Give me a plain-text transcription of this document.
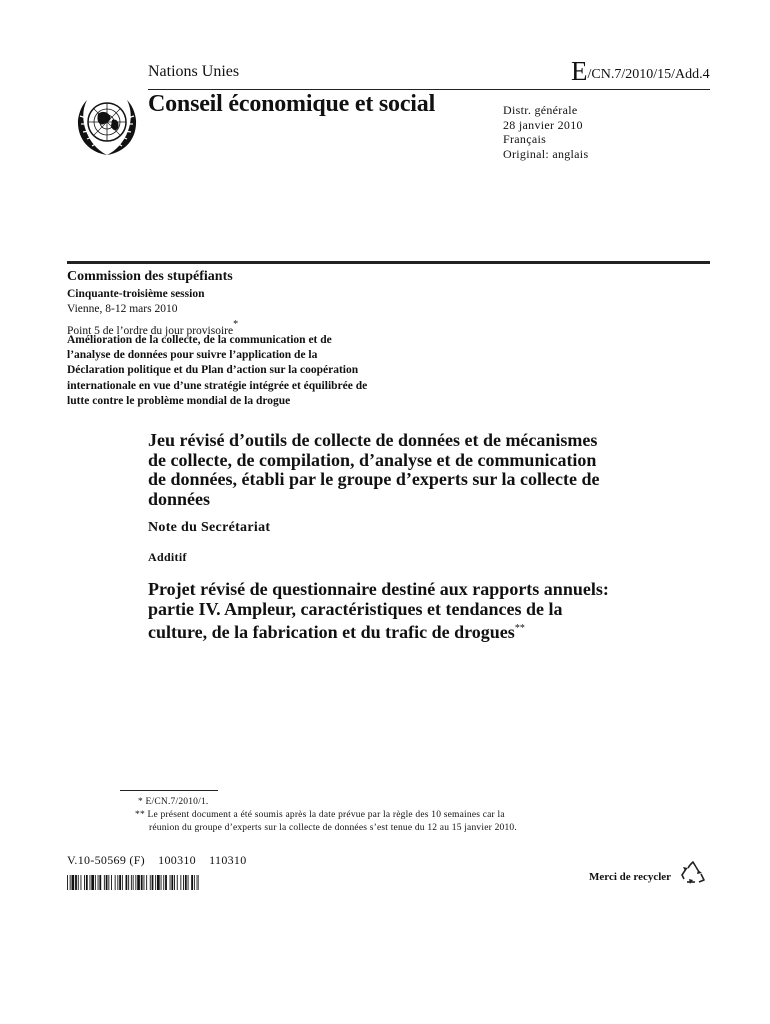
Nations Unies	E/CN.7/2010/15/Add.4
Conseil économique et social	Distr. générale
28 janvier 2010
Français
Original: anglais
Commission des stupéfiants
Cinquante-troisième session
Vienne, 8-12 mars 2010
Point 5 de l’ordre du jour provisoire*
Amélioration de la collecte, de la communication et de
l’analyse de données pour suivre l’application de la
Déclaration politique et du Plan d’action sur la coopération
internationale en vue d’une stratégie intégrée et équilibrée de
lutte contre le problème mondial de la drogue
Jeu révisé d’outils de collecte de données et de mécanismes
de collecte, de compilation, d’analyse et de communication
de données, établi par le groupe d’experts sur la collecte de
données
Note du Secrétariat
Additif
Projet révisé de questionnaire destiné aux rapports annuels:
partie IV. Ampleur, caractéristiques et tendances de la
culture, de la fabrication et du trafic de drogues**
* E/CN.7/2010/1.
** Le présent document a été soumis après la date prévue par la règle des 10 semaines car la
réunion du groupe d’experts sur la collecte de données s’est tenue du 12 au 15 janvier 2010.
V.10-50569 (F)    100310    110310
Merci de recycler
